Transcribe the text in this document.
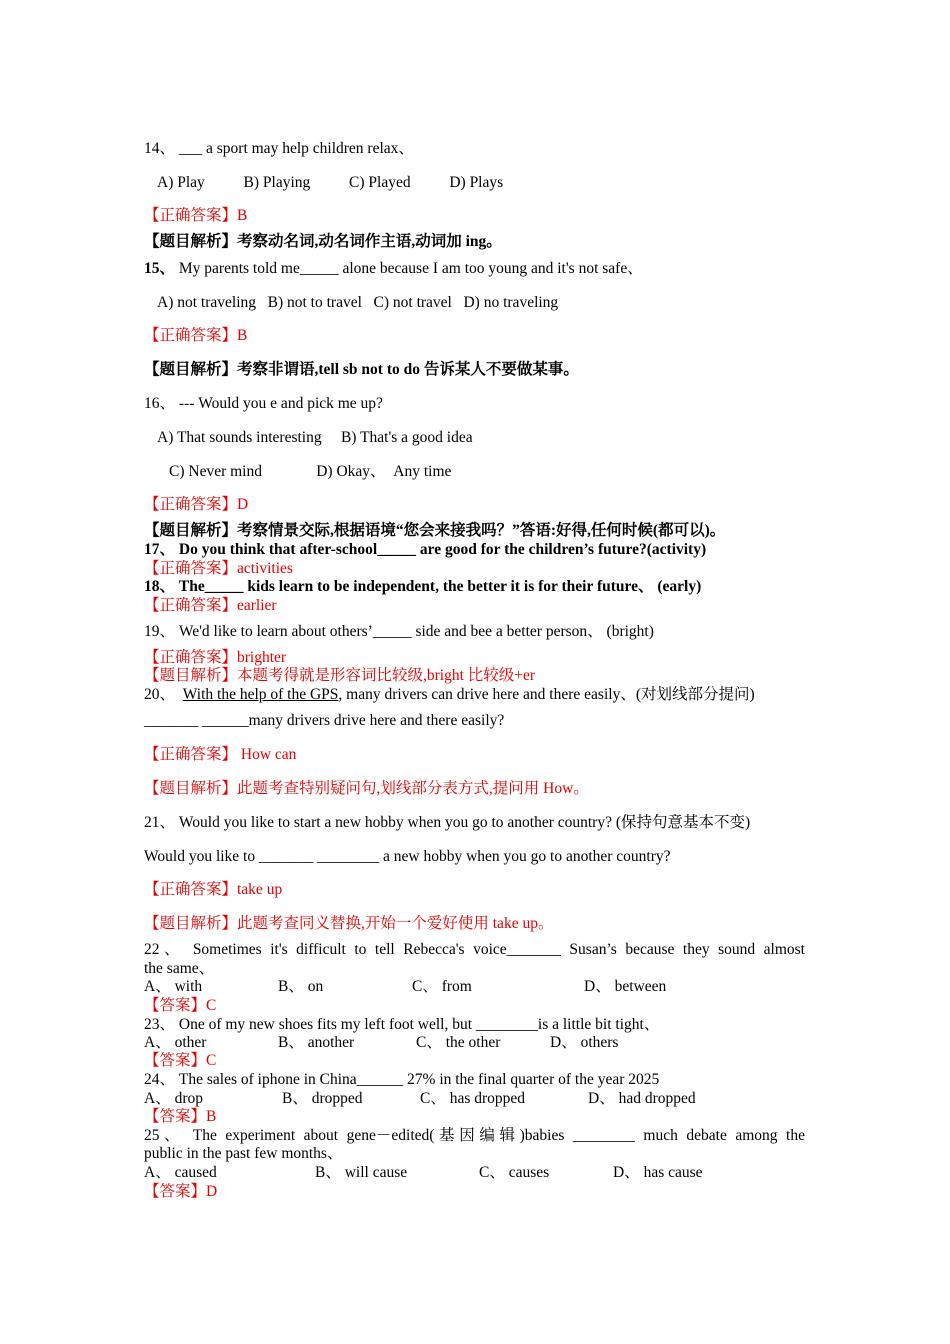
14、 ___ a sport may help children relax、
A) Play          B) Playing          C) Played          D) Plays
【正确答案】B
【题目解析】考察动名词,动名词作主语,动词加 ing。
15、 My parents told me_____ alone because I am too young and it's not safe、
A) not traveling   B) not to travel   C) not travel   D) no traveling
【正确答案】B
【题目解析】考察非谓语,tell sb not to do 告诉某人不要做某事。
16、 --- Would you e and pick me up?
A) That sounds interesting     B) That's a good idea
C) Never mind              D) Okay、  Any time
【正确答案】D
【题目解析】考察情景交际,根据语境“您会来接我吗？”答语:好得,任何时候(都可以)。
17、 Do you think that after-school_____ are good for the children’s future?(activity)
【正确答案】activities
18、 The_____ kids learn to be independent, the better it is for their future、 (early)
【正确答案】earlier
19、 We'd like to learn about others’_____ side and bee a better person、 (bright)
【正确答案】brighter
【题目解析】本题考得就是形容词比较级,bright 比较级+er
20、  With the help of the GPS, many drivers can drive here and there easily、(对划线部分提问)
_______ ______many drivers drive here and there easily?
【正确答案】 How can
【题目解析】此题考查特别疑问句,划线部分表方式,提问用 How。
21、 Would you like to start a new hobby when you go to another country? (保持句意基本不变)
Would you like to _______ ________ a new hobby when you go to another country?
【正确答案】take up
【题目解析】此题考查同义替换,开始一个爱好使用 take up。
22、 Sometimes it's difficult to tell Rebecca's voice_______ Susan’s because they sound almost
the same、
A、 with	B、 on	C、 from	D、 between
【答案】C
23、 One of my new shoes fits my left foot well, but ________is a little bit tight、
A、 other	B、 another	C、 the other	D、 others
【答案】C
24、 The sales of iphone in China______ 27% in the final quarter of the year 2025
A、 drop	B、 dropped	C、 has dropped	D、 had dropped
【答案】B
25、 The experiment about gene－edited(基因编辑)babies ________ much debate among the
public in the past few months、
A、 caused	B、 will cause	C、 causes	D、 has cause
【答案】D
